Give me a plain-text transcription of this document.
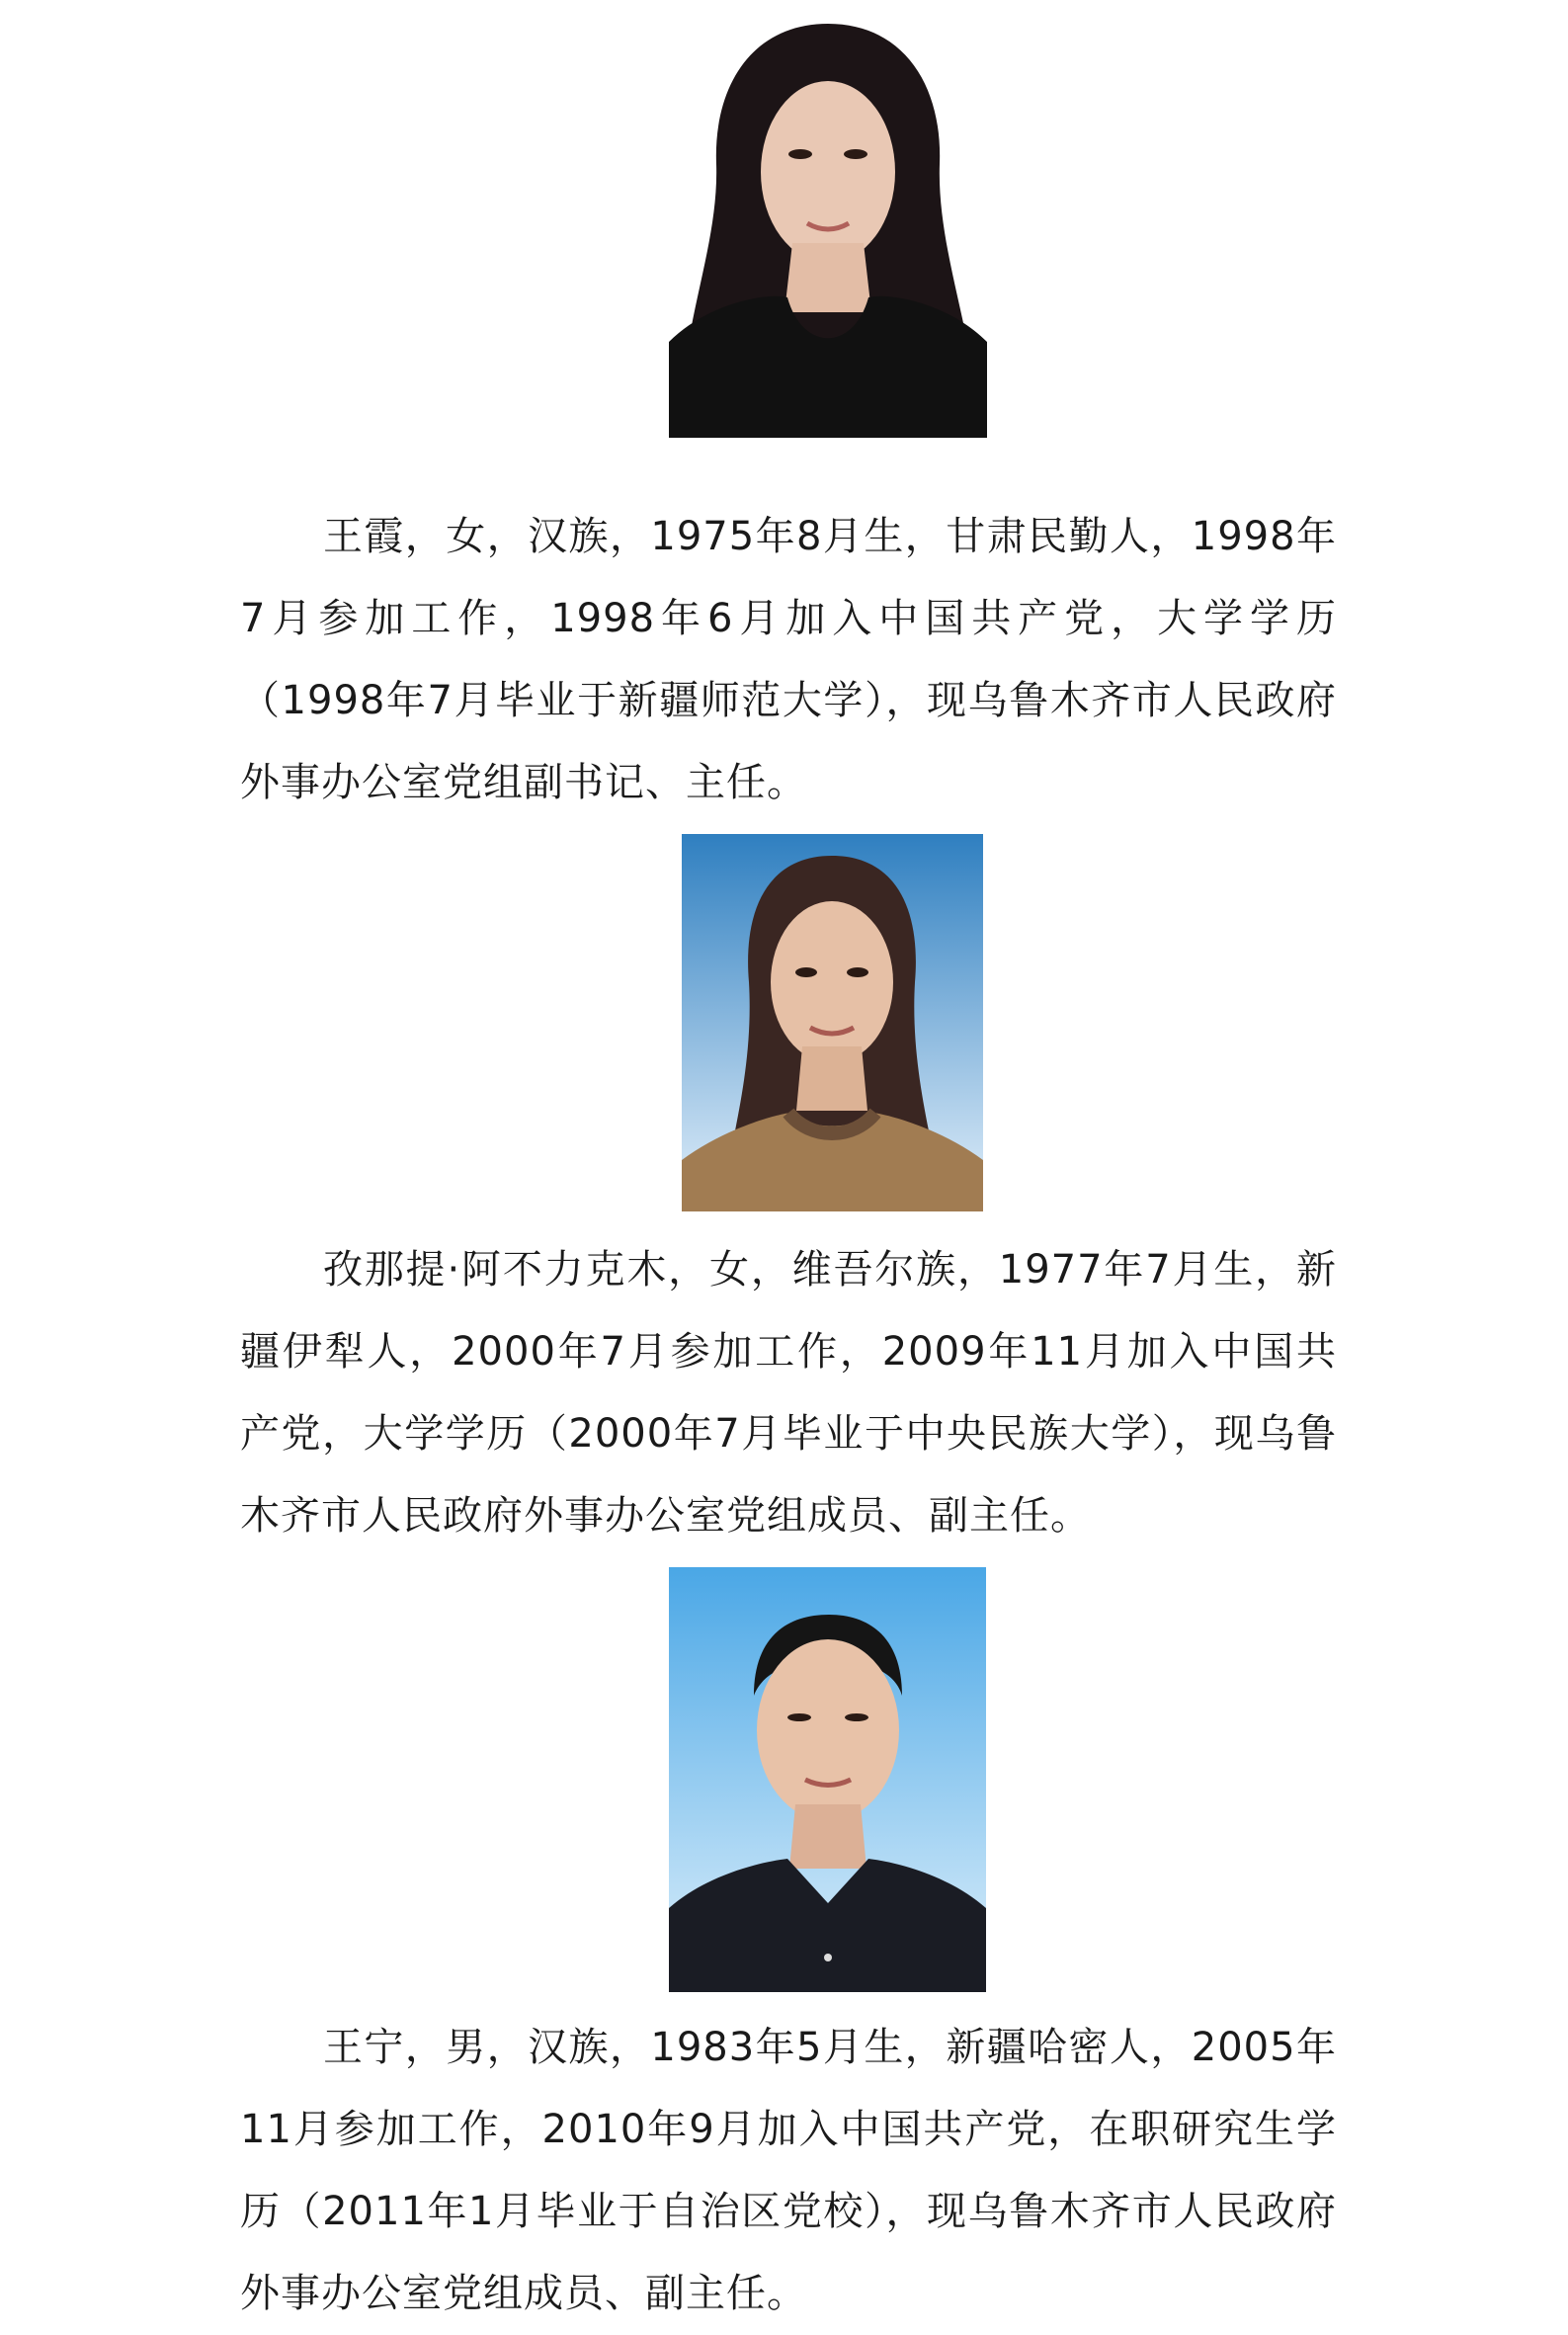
王霞，女，汉族，1975年8月生，甘肃民勤人，1998年7月参加工作，1998年6月加入中国共产党，大学学历（1998年7月毕业于新疆师范大学），现乌鲁木齐市人民政府外事办公室党组副书记、主任。

孜那提·阿不力克木，女，维吾尔族，1977年7月生，新疆伊犁人，2000年7月参加工作，2009年11月加入中国共产党，大学学历（2000年7月毕业于中央民族大学），现乌鲁木齐市人民政府外事办公室党组成员、副主任。

王宁，男，汉族，1983年5月生，新疆哈密人，2005年11月参加工作，2010年9月加入中国共产党，在职研究生学历（2011年1月毕业于自治区党校），现乌鲁木齐市人民政府外事办公室党组成员、副主任。
